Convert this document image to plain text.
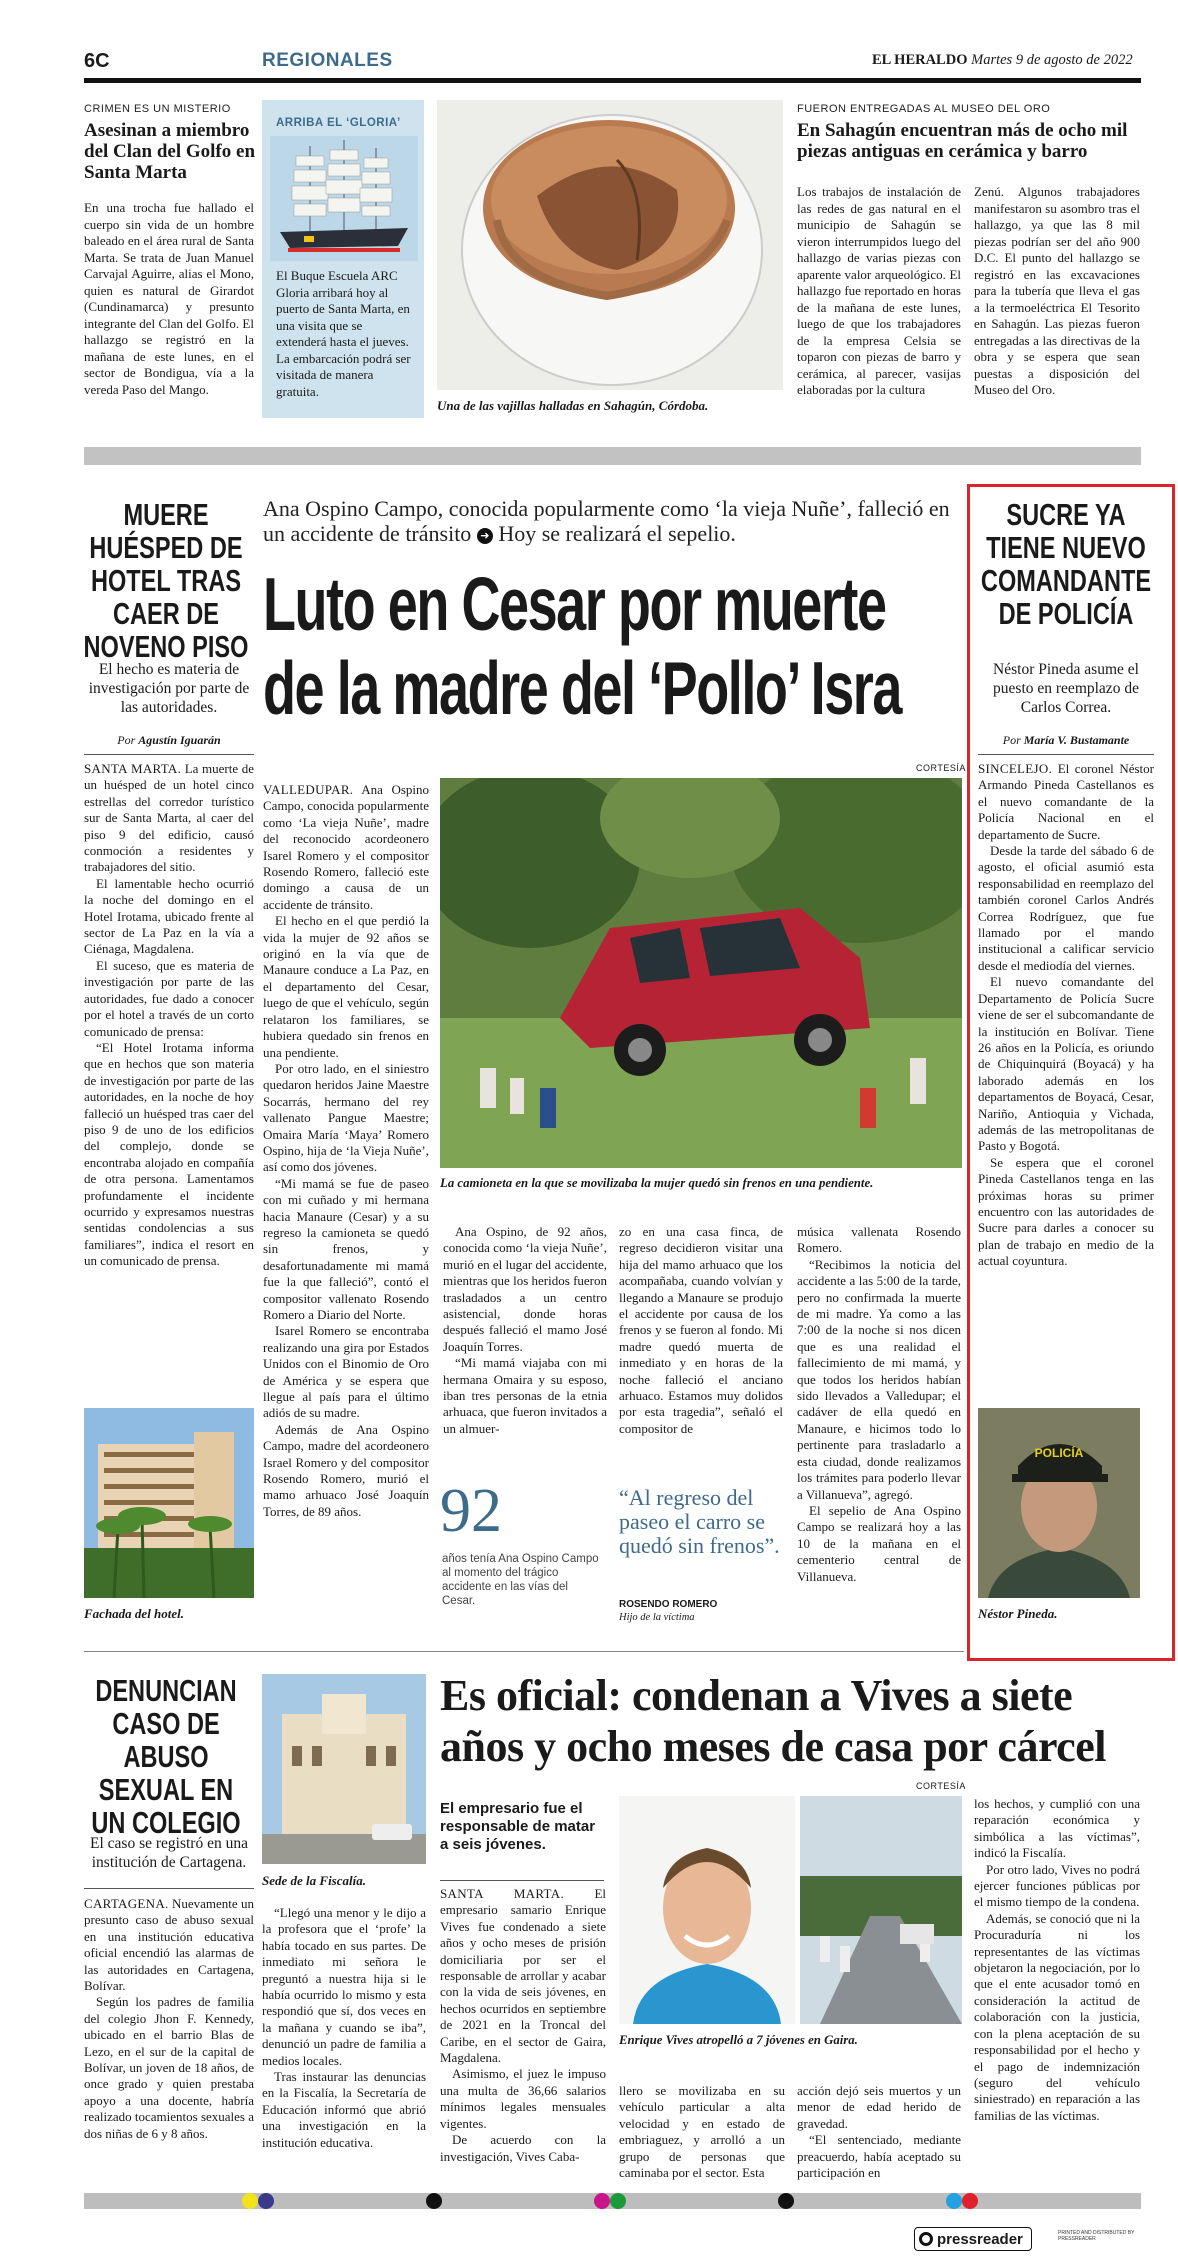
6C	REGIONALES	EL HERALDO Martes 9 de agosto de 2022
CRIMEN ES UN MISTERIO
Asesinan a miembro del Clan del Golfo en Santa Marta
En una trocha fue hallado el cuerpo sin vida de un hombre baleado en el área rural de Santa Marta. Se trata de Juan Manuel Carvajal Aguirre, alias el Mono, quien es natural de Girardot (Cundinamarca) y presunto integrante del Clan del Golfo. El hallazgo se registró en la mañana de este lunes, en el sector de Bondigua, vía a la vereda Paso del Mango.
ARRIBA EL ‘GLORIA’
El Buque Escuela ARC Gloria arribará hoy al puerto de Santa Marta, en una visita que se extenderá hasta el jueves. La embarcación podrá ser visitada de manera gratuita.
Una de las vajillas halladas en Sahagún, Córdoba.
FUERON ENTREGADAS AL MUSEO DEL ORO
En Sahagún encuentran más de ocho mil piezas antiguas en cerámica y barro
Los trabajos de instalación de las redes de gas natural en el municipio de Sahagún se vieron interrumpidos luego del hallazgo de varias piezas con aparente valor arqueológico. El hallazgo fue reportado en horas de la mañana de este lunes, luego de que los trabajadores de la empresa Celsia se toparon con piezas de barro y cerámica, al parecer, vasijas elaboradas por la cultura
Zenú. Algunos trabajadores manifestaron su asombro tras el hallazgo, ya que las 8 mil piezas podrían ser del año 900 D.C. El punto del hallazgo se registró en las excavaciones para la tubería que lleva el gas a la termoeléctrica El Tesorito en Sahagún. Las piezas fueron entregadas a las directivas de la obra y se espera que sean puestas a disposición del Museo del Oro.
MUERE HUÉSPED DE HOTEL TRAS CAER DE NOVENO PISO
El hecho es materia de investigación por parte de las autoridades.
Por Agustín Iguarán

SANTA MARTA. La muerte de un huésped de un hotel cinco estrellas del corredor turístico sur de Santa Marta, al caer del piso 9 del edificio, causó conmoción a residentes y trabajadores del sitio.

El lamentable hecho ocurrió la noche del domingo en el Hotel Irotama, ubicado frente al sector de La Paz en la vía a Ciénaga, Magdalena.

El suceso, que es materia de investigación por parte de las autoridades, fue dado a conocer por el hotel a través de un corto comunicado de prensa:

“El Hotel Irotama informa que en hechos que son materia de investigación por parte de las autoridades, en la noche de hoy falleció un huésped tras caer del piso 9 de uno de los edificios del complejo, donde se encontraba alojado en compañía de otra persona. Lamentamos profundamente el incidente ocurrido y expresamos nuestras sentidas condolencias a sus familiares”, indica el resort en un comunicado de prensa.

Fachada del hotel.
Ana Ospino Campo, conocida popularmente como ‘la vieja Nuñe’, falleció en un accidente de tránsito ➜ Hoy se realizará el sepelio.
Luto en Cesar por muerte
de la madre del ‘Pollo’ Isra
CORTESÍA
La camioneta en la que se movilizaba la mujer quedó sin frenos en una pendiente.

VALLEDUPAR. Ana Ospino Campo, conocida popularmente como ‘La vieja Nuñe’, madre del reconocido acordeonero Isarel Romero y el compositor Rosendo Romero, falleció este domingo a causa de un accidente de tránsito.

El hecho en el que perdió la vida la mujer de 92 años se originó en la vía que de Manaure conduce a La Paz, en el departamento del Cesar, luego de que el vehículo, según relataron los familiares, se hubiera quedado sin frenos en una pendiente.

Por otro lado, en el siniestro quedaron heridos Jaine Maestre Socarrás, hermano del rey vallenato Pangue Maestre; Omaira María ‘Maya’ Romero Ospino, hija de ‘la Vieja Nuñe’, así como dos jóvenes.

“Mi mamá se fue de paseo con mi cuñado y mi hermana hacia Manaure (Cesar) y a su regreso la camioneta se quedó sin frenos, y desafortunadamente mi mamá fue la que falleció”, contó el compositor vallenato Rosendo Romero a Diario del Norte.

Isarel Romero se encontraba realizando una gira por Estados Unidos con el Binomio de Oro de América y se espera que llegue al país para el último adiós de su madre.

Además de Ana Ospino Campo, madre del acordeonero Israel Romero y del compositor Rosendo Romero, murió el mamo arhuaco José Joaquín Torres, de 89 años.

Ana Ospino, de 92 años, conocida como ‘la vieja Nuñe’, murió en el lugar del accidente, mientras que los heridos fueron trasladados a un centro asistencial, donde horas después falleció el mamo José Joaquín Torres.

“Mi mamá viajaba con mi hermana Omaira y su esposo, iban tres personas de la etnia arhuaca, que fueron invitados a un almuer-

zo en una casa finca, de regreso decidieron visitar una hija del mamo arhuaco que los acompañaba, cuando volvían y llegando a Manaure se produjo el accidente por causa de los frenos y se fueron al fondo. Mi madre quedó muerta de inmediato y en horas de la noche falleció el anciano arhuaco. Estamos muy dolidos por esta tragedia”, señaló el compositor de

música vallenata Rosendo Romero.

“Recibimos la noticia del accidente a las 5:00 de la tarde, pero no confirmada la muerte de mi madre. Ya como a las 7:00 de la noche si nos dicen que es una realidad el fallecimiento de mi mamá, y que todos los heridos habían sido llevados a Valledupar; el cadáver de ella quedó en Manaure, e hicimos todo lo pertinente para trasladarlo a esta ciudad, donde realizamos los trámites para poderlo llevar a Villanueva”, agregó.

El sepelio de Ana Ospino Campo se realizará hoy a las 10 de la mañana en el cementerio central de Villanueva.

92
años tenía Ana Ospino Campo al momento del trágico accidente en las vías del Cesar.
“Al regreso del paseo el carro se quedó sin frenos”.
ROSENDO ROMERO
Hijo de la víctima
SUCRE YA TIENE NUEVO COMANDANTE DE POLICÍA
Néstor Pineda asume el puesto en reemplazo de Carlos Correa.
Por María V. Bustamante

SINCELEJO. El coronel Néstor Armando Pineda Castellanos es el nuevo comandante de la Policía Nacional en el departamento de Sucre.

Desde la tarde del sábado 6 de agosto, el oficial asumió esta responsabilidad en reemplazo del también coronel Carlos Andrés Correa Rodríguez, que fue llamado por el mando institucional a calificar servicio desde el mediodía del viernes.

El nuevo comandante del Departamento de Policía Sucre viene de ser el subcomandante de la institución en Bolívar. Tiene 26 años en la Policía, es oriundo de Chiquinquirá (Boyacá) y ha laborado además en los departamentos de Boyacá, Cesar, Nariño, Antioquia y Vichada, además de las metropolitanas de Pasto y Bogotá.

Se espera que el coronel Pineda Castellanos tenga en las próximas horas su primer encuentro con las autoridades de Sucre para darles a conocer su plan de trabajo en medio de la actual coyuntura.

POLICÍA
Néstor Pineda.
DENUNCIAN CASO DE ABUSO SEXUAL EN UN COLEGIO
El caso se registró en una institución de Cartagena.

CARTAGENA. Nuevamente un presunto caso de abuso sexual en una institución educativa oficial encendió las alarmas de las autoridades en Cartagena, Bolívar.

Según los padres de familia del colegio Jhon F. Kennedy, ubicado en el barrio Blas de Lezo, en el sur de la capital de Bolívar, un joven de 18 años, de once grado y quien prestaba apoyo a una docente, habría realizado tocamientos sexuales a dos niñas de 6 y 8 años.

Sede de la Fiscalía.

“Llegó una menor y le dijo a la profesora que el ‘profe’ la había tocado en sus partes. De inmediato mi señora le preguntó a nuestra hija si le había ocurrido lo mismo y esta respondió que sí, dos veces en la mañana y cuando se iba”, denunció un padre de familia a medios locales.

Tras instaurar las denuncias en la Fiscalía, la Secretaría de Educación informó que abrió una investigación en la institución educativa.

Es oficial: condenan a Vives a siete
años y ocho meses de casa por cárcel
CORTESÍA
El empresario fue el responsable de matar a seis jóvenes.
Enrique Vives atropelló a 7 jóvenes en Gaira.

SANTA MARTA. El empresario samario Enrique Vives fue condenado a siete años y ocho meses de prisión domiciliaria por ser el responsable de arrollar y acabar con la vida de seis jóvenes, en hechos ocurridos en septiembre de 2021 en la Troncal del Caribe, en el sector de Gaira, Magdalena.

Asimismo, el juez le impuso una multa de 36,66 salarios mínimos legales mensuales vigentes.

De acuerdo con la investigación, Vives Caba-

llero se movilizaba en su vehículo particular a alta velocidad y en estado de embriaguez, y arrolló a un grupo de personas que caminaba por el sector. Esta

acción dejó seis muertos y un menor de edad herido de gravedad.

“El sentenciado, mediante preacuerdo, había aceptado su participación en

los hechos, y cumplió con una reparación económica y simbólica a las víctimas”, indicó la Fiscalía.

Por otro lado, Vives no podrá ejercer funciones públicas por el mismo tiempo de la condena.

Además, se conoció que ni la Procuraduría ni los representantes de las víctimas objetaron la negociación, por lo que el ente acusador tomó en consideración la actitud de colaboración con la justicia, con la plena aceptación de su responsabilidad por el hecho y el pago de indemnización (seguro del vehículo siniestrado) en reparación a las familias de las víctimas.

pressreader	PRINTED AND DISTRIBUTED BY PRESSREADER
